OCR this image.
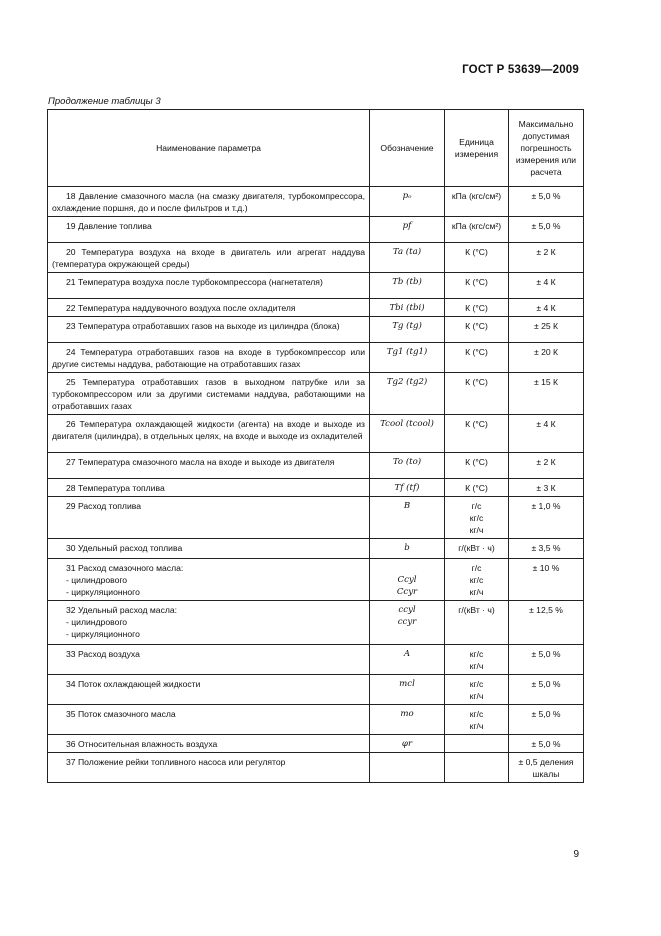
ГОСТ Р 53639—2009
Продолжение таблицы 3
Наименование параметра	Обозначение	Единица измерения	Максимально допустимая погрешность измерения или расчета

18 Давление смазочного масла (на смазку двигателя, турбокомпрессора, охлаждение поршня, до и после фильтров и т.д.)	pₒ	кПа (кгс/см²)	± 5,0 %

19 Давление топлива	pf	кПа (кгс/см²)	± 5,0 %

20 Температура воздуха на входе в двигатель или агрегат наддува (температура окружающей среды)	Ta (ta)	К (°С)	± 2 К

21 Температура воздуха после турбокомпрессора (нагнетателя)	Tb (tb)	К (°С)	± 4 К

22 Температура наддувочного воздуха после охладителя	Tbi (tbi)	К (°С)	± 4 К

23 Температура отработавших газов на выходе из цилиндра (блока)	Tg (tg)	К (°С)	± 25 К

24 Температура отработавших газов на входе в турбокомпрессор или другие системы наддува, работающие на отработавших газах	Tg1 (tg1)	К (°С)	± 20 К

25 Температура отработавших газов в выходном патрубке или за турбокомпрессором или за другими системами наддува, работающими на отработавших газах	Tg2 (tg2)	К (°С)	± 15 К

26 Температура охлаждающей жидкости (агента) на входе и выходе из двигателя (цилиндра), в отдельных целях, на входе и выходе из охладителей	Tcool (tcool)	К (°С)	± 4 К

27 Температура смазочного масла на входе и выходе из двигателя	To (to)	К (°С)	± 2 К

28 Температура топлива	Tf (tf)	К (°С)	± 3 К

29 Расход топлива	B	г/с
кг/с
кг/ч	± 1,0 %

30 Удельный расход топлива	b	г/(кВт · ч)	± 3,5 %

31 Расход смазочного масла:
- цилиндрового
- циркуляционного	Ccyl
Ccyr	г/с
кг/с
кг/ч	± 10 %

32 Удельный расход масла:
- цилиндрового
- циркуляционного	ccyl
ccyr	г/(кВт · ч)	± 12,5 %

33 Расход воздуха	A	кг/с
кг/ч	± 5,0 %

34 Поток охлаждающей жидкости	mcl	кг/с
кг/ч	± 5,0 %

35 Поток смазочного масла	mo	кг/с
кг/ч	± 5,0 %

36 Относительная влажность воздуха	φr		± 5,0 %

37 Положение рейки топливного насоса или регулятор			± 0,5 деления шкалы
9
